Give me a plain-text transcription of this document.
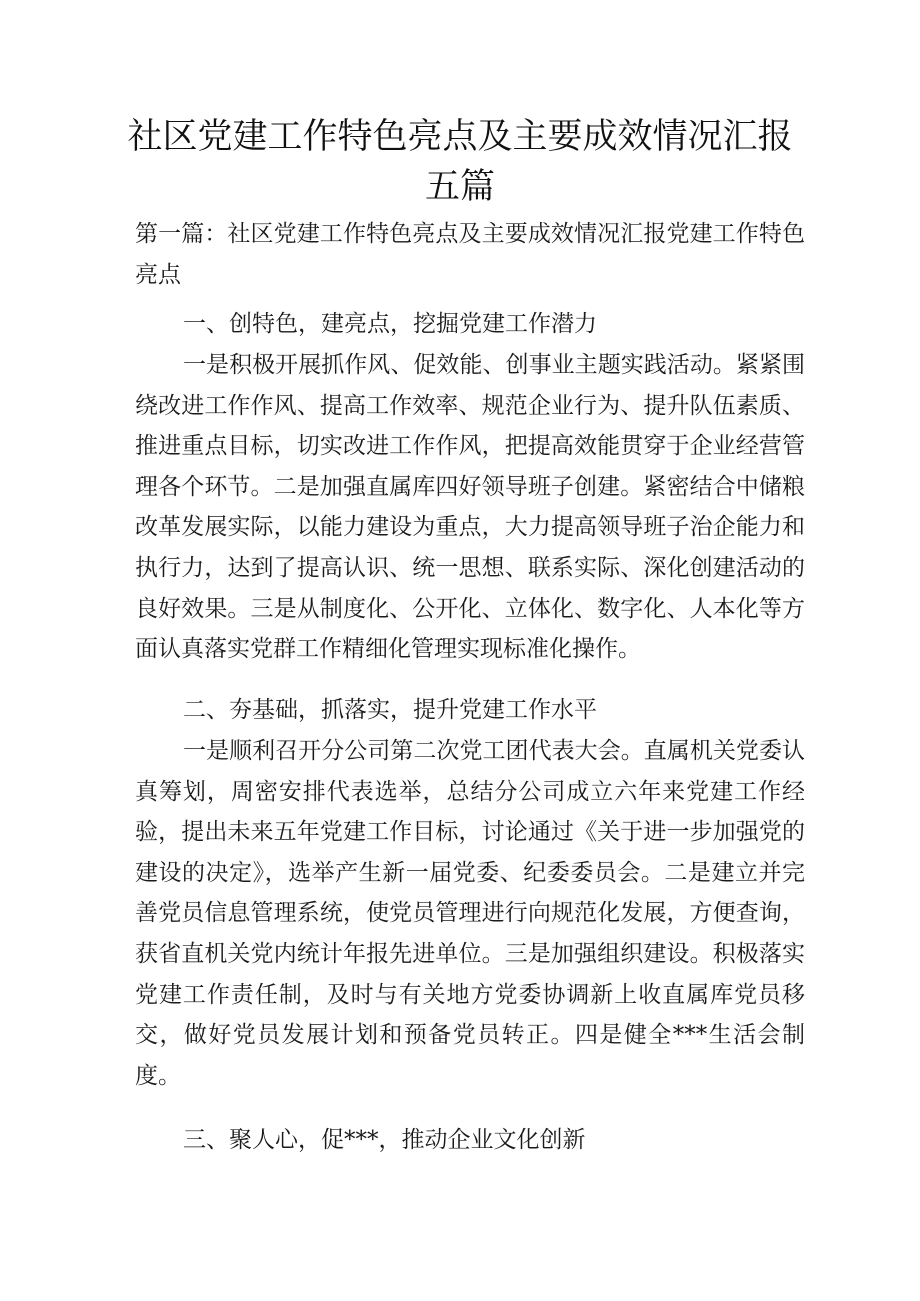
社区党建工作特色亮点及主要成效情况汇报五篇

第一篇：社区党建工作特色亮点及主要成效情况汇报党建工作特色亮点

一、创特色，建亮点，挖掘党建工作潜力

一是积极开展抓作风、促效能、创事业主题实践活动。紧紧围绕改进工作作风、提高工作效率、规范企业行为、提升队伍素质、推进重点目标，切实改进工作作风，把提高效能贯穿于企业经营管理各个环节。二是加强直属库四好领导班子创建。紧密结合中储粮改革发展实际，以能力建设为重点，大力提高领导班子治企能力和执行力，达到了提高认识、统一思想、联系实际、深化创建活动的良好效果。三是从制度化、公开化、立体化、数字化、人本化等方面认真落实党群工作精细化管理实现标准化操作。

二、夯基础，抓落实，提升党建工作水平

一是顺利召开分公司第二次党工团代表大会。直属机关党委认真筹划，周密安排代表选举，总结分公司成立六年来党建工作经验，提出未来五年党建工作目标，讨论通过《关于进一步加强党的建设的决定》，选举产生新一届党委、纪委委员会。二是建立并完善党员信息管理系统，使党员管理进行向规范化发展，方便查询，获省直机关党内统计年报先进单位。三是加强组织建设。积极落实党建工作责任制，及时与有关地方党委协调新上收直属库党员移交，做好党员发展计划和预备党员转正。四是健全***生活会制度。

三、聚人心，促***，推动企业文化创新
